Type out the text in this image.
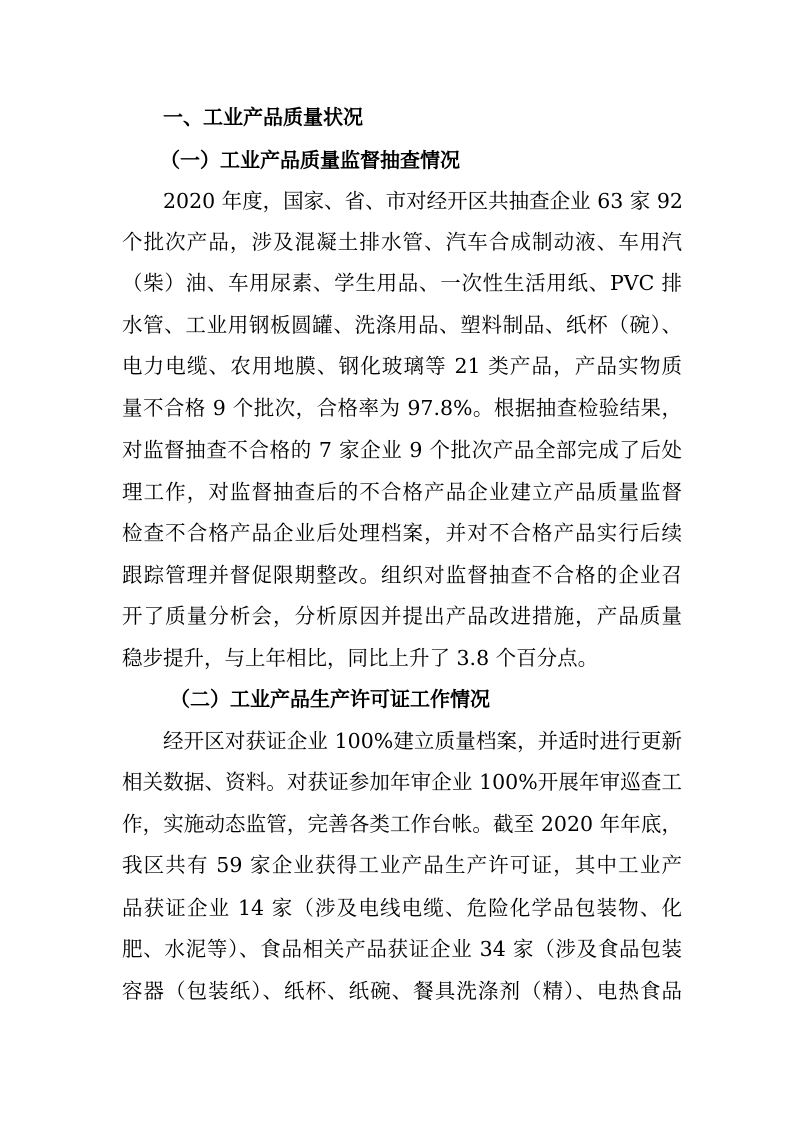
一、工业产品质量状况
（一）工业产品质量监督抽查情况
2020 年度，国家、省、市对经开区共抽查企业 63 家 92
个批次产品，涉及混凝土排水管、汽车合成制动液、车用汽
（柴）油、车用尿素、学生用品、一次性生活用纸、PVC 排
水管、工业用钢板圆罐、洗涤用品、塑料制品、纸杯（碗）、
电力电缆、农用地膜、钢化玻璃等 21 类产品，产品实物质
量不合格 9 个批次，合格率为 97.8%。根据抽查检验结果，
对监督抽查不合格的 7 家企业 9 个批次产品全部完成了后处
理工作，对监督抽查后的不合格产品企业建立产品质量监督
检查不合格产品企业后处理档案，并对不合格产品实行后续
跟踪管理并督促限期整改。组织对监督抽查不合格的企业召
开了质量分析会，分析原因并提出产品改进措施，产品质量
稳步提升，与上年相比，同比上升了 3.8 个百分点。
（二）工业产品生产许可证工作情况
经开区对获证企业 100%建立质量档案，并适时进行更新
相关数据、资料。对获证参加年审企业 100%开展年审巡查工
作，实施动态监管，完善各类工作台帐。截至 2020 年年底，
我区共有 59 家企业获得工业产品生产许可证，其中工业产
品获证企业 14 家（涉及电线电缆、危险化学品包装物、化
肥、水泥等）、食品相关产品获证企业 34 家（涉及食品包装
容器（包装纸）、纸杯、纸碗、餐具洗涤剂（精）、电热食品
